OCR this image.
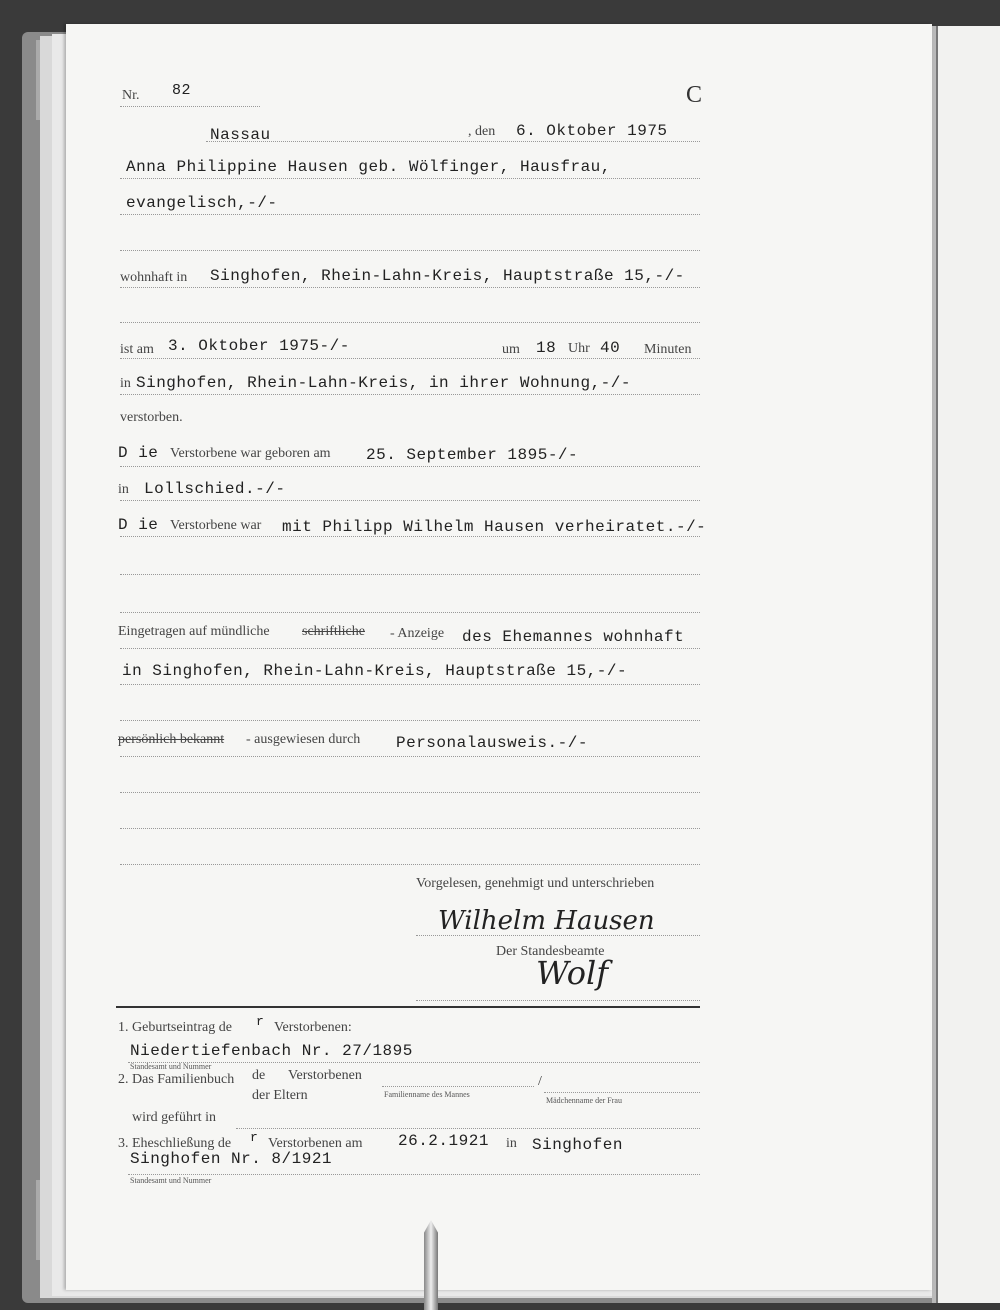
Nr. 82	C
Nassau	, den 6. Oktober 1975
Anna Philippine Hausen geb. Wölfinger, Hausfrau,
evangelisch,-/-
wohnhaft in Singhofen, Rhein-Lahn-Kreis, Hauptstraße 15,-/-
ist am 3. Oktober 1975-/-	um 18 Uhr 40 Minuten
in Singhofen, Rhein-Lahn-Kreis, in ihrer Wohnung,-/-
verstorben.
D ie Verstorbene war geboren am 25. September 1895-/-
in Lollschied.-/-
D ie Verstorbene war mit Philipp Wilhelm Hausen verheiratet.-/-
Eingetragen auf mündliche schriftliche - Anzeige des Ehemannes wohnhaft
in Singhofen, Rhein-Lahn-Kreis, Hauptstraße 15,-/-
persönlich bekannt - ausgewiesen durch Personalausweis.-/-
Vorgelesen, genehmigt und unterschrieben
Wilhelm Hausen
Der Standesbeamte
Wolf
1. Geburtseintrag de r Verstorbenen:
Niedertiefenbach Nr. 27/1895
Standesamt und Nummer
2. Das Familienbuch de Verstorbenen
der Eltern	Familienname des Mannes
/
Mädchenname der Frau
wird geführt in
3. Eheschließung de r Verstorbenen am 26.2.1921 in Singhofen
Singhofen Nr. 8/1921
Standesamt und Nummer
